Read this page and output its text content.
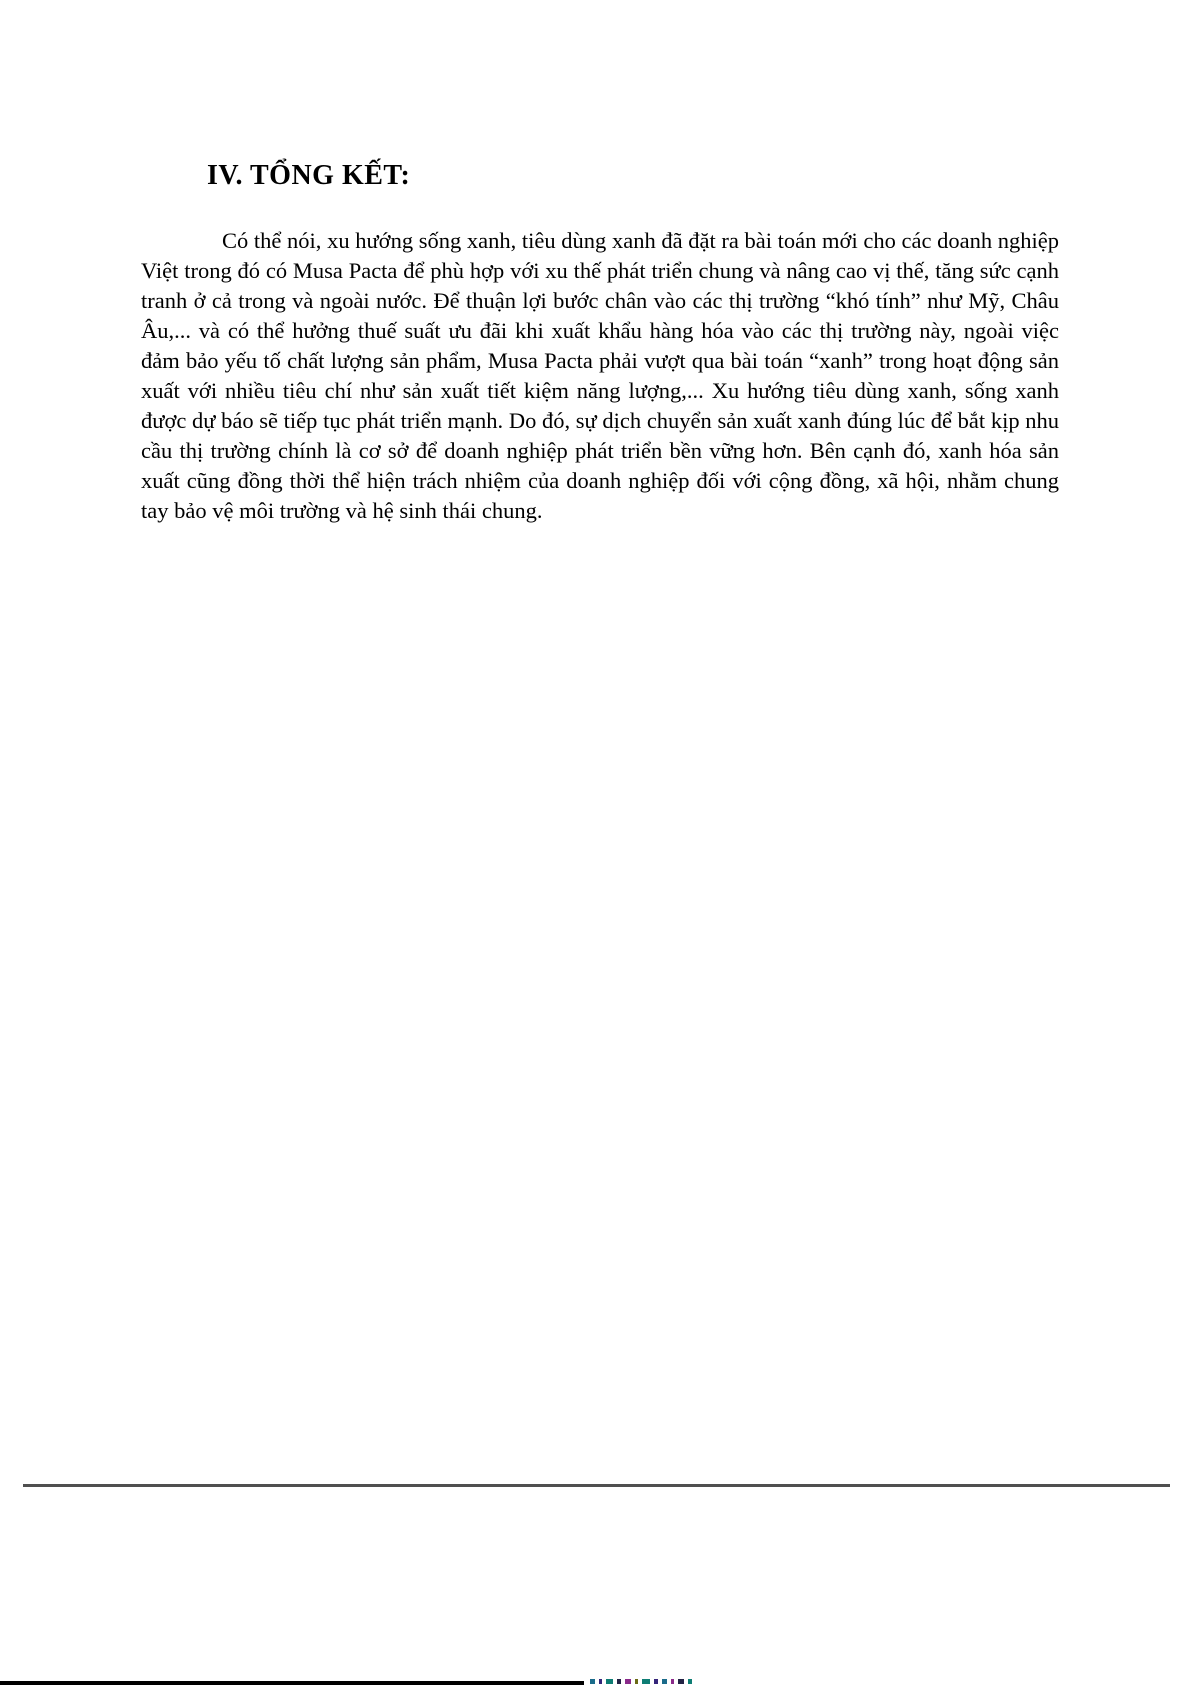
IV. TỔNG KẾT:
Có thể nói, xu hướng sống xanh, tiêu dùng xanh đã đặt ra bài toán mới cho các doanh nghiệp Việt trong đó có Musa Pacta để phù hợp với xu thế phát triển chung và nâng cao vị thế, tăng sức cạnh tranh ở cả trong và ngoài nước. Để thuận lợi bước chân vào các thị trường “khó tính” như Mỹ, Châu Âu,... và có thể hưởng thuế suất ưu đãi khi xuất khẩu hàng hóa vào các thị trường này, ngoài việc đảm bảo yếu tố chất lượng sản phẩm, Musa Pacta phải vượt qua bài toán “xanh” trong hoạt động sản xuất với nhiều tiêu chí như sản xuất tiết kiệm năng lượng,... Xu hướng tiêu dùng xanh, sống xanh được dự báo sẽ tiếp tục phát triển mạnh. Do đó, sự dịch chuyển sản xuất xanh đúng lúc để bắt kịp nhu cầu thị trường chính là cơ sở để doanh nghiệp phát triển bền vững hơn. Bên cạnh đó, xanh hóa sản xuất cũng đồng thời thể hiện trách nhiệm của doanh nghiệp đối với cộng đồng, xã hội, nhằm chung tay bảo vệ môi trường và hệ sinh thái chung.
